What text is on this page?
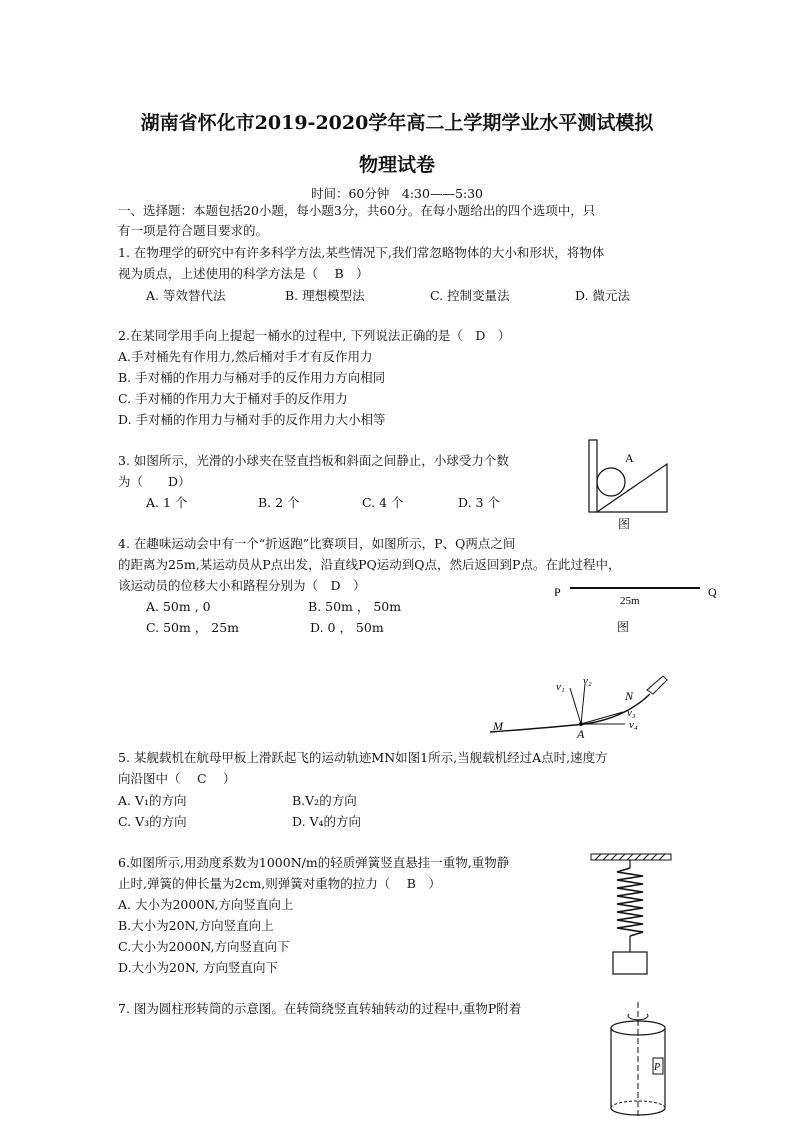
湖南省怀化市2019-2020学年高二上学期学业水平测试模拟
物理试卷
时间：60分钟　4:30——5:30
一、选择题：本题包括20小题，每小题3分，共60分。在每小题给出的四个选项中，只
有一项是符合题目要求的。
1. 在物理学的研究中有许多科学方法,某些情况下,我们常忽略物体的大小和形状，将物体
视为质点，上述使用的科学方法是（　 B　）
A. 等效替代法	B. 理想模型法	C. 控制变量法	D. 微元法
2.在某同学用手向上提起一桶水的过程中, 下列说法正确的是（　D　）
A.手对桶先有作用力,然后桶对手才有反作用力
B. 手对桶的作用力与桶对手的反作用力方向相同
C. 手对桶的作用力大于桶对手的反作用力
D. 手对桶的作用力与桶对手的反作用力大小相等
3. 如图所示，光滑的小球夹在竖直挡板和斜面之间静止，小球受力个数
为（　　D）
A. 1 个	B. 2 个	C. 4 个	D. 3 个
A
图
4. 在趣味运动会中有一个“折返跑”比赛项目，如图所示，P、Q两点之间
的距离为25m,某运动员从P点出发，沿直线PQ运动到Q点，然后返回到P点。在此过程中，
该运动员的位移大小和路程分别为（　D　）
A. 50m , 0	B. 50m ， 50m
C. 50m ， 25m	D. 0 ， 50m
P	Q
25m
图
M
N
A
v₁ v₂
v₃
v₄
5. 某舰载机在航母甲板上滑跃起飞的运动轨迹MN如图1所示,当舰载机经过A点时,速度方
向沿图中（　 C　 ）
A. V₁的方向	B.V₂的方向
C. V₃的方向	D. V₄的方向
6.如图所示,用劲度系数为1000N/m的轻质弹簧竖直悬挂一重物,重物静
止时,弹簧的伸长量为2cm,则弹簧对重物的拉力（　 B　）
A. 大小为2000N,方向竖直向上
B.大小为20N,方向竖直向上
C.大小为2000N,方向竖直向下
D.大小为20N, 方向竖直向下
7. 图为圆柱形转筒的示意图。在转筒绕竖直转轴转动的过程中,重物P附着
P
